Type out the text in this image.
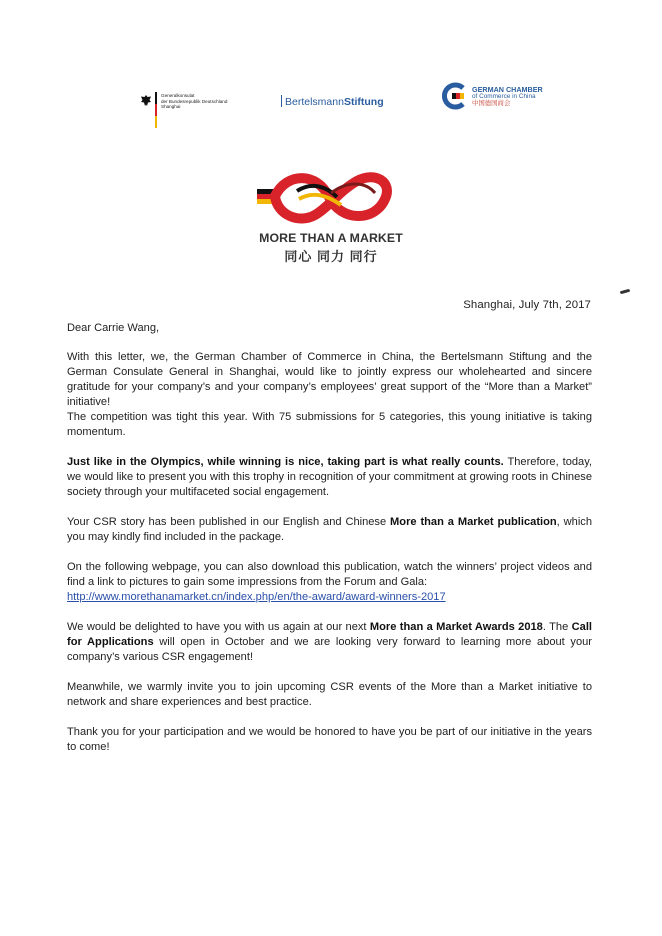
Generalkonsulat
der Bundesrepublik Deutschland
Shanghai	BertelsmannStiftung
GERMAN CHAMBER
of Commerce in China
中国德国商会
MORE THAN A MARKET
同心 同力 同行
Shanghai, July 7th, 2017

Dear Carrie Wang,

With this letter, we, the German Chamber of Commerce in China, the Bertelsmann Stiftung and the German Consulate General in Shanghai, would like to jointly express our wholehearted and sincere gratitude for your company’s and your company’s employees’ great support of the “More than a Market” initiative!
The competition was tight this year. With 75 submissions for 5 categories, this young initiative is taking momentum.

Just like in the Olympics, while winning is nice, taking part is what really counts. Therefore, today, we would like to present you with this trophy in recognition of your commitment at growing roots in Chinese society through your multifaceted social engagement.

Your CSR story has been published in our English and Chinese More than a Market publication, which you may kindly find included in the package.

On the following webpage, you can also download this publication, watch the winners’ project videos and find a link to pictures to gain some impressions from the Forum and Gala:
http://www.morethanamarket.cn/index.php/en/the-award/award-winners-2017

We would be delighted to have you with us again at our next More than a Market Awards 2018. The Call for Applications will open in October and we are looking very forward to learning more about your company’s various CSR engagement!

Meanwhile, we warmly invite you to join upcoming CSR events of the More than a Market initiative to network and share experiences and best practice.

Thank you for your participation and we would be honored to have you be part of our initiative in the years to come!
